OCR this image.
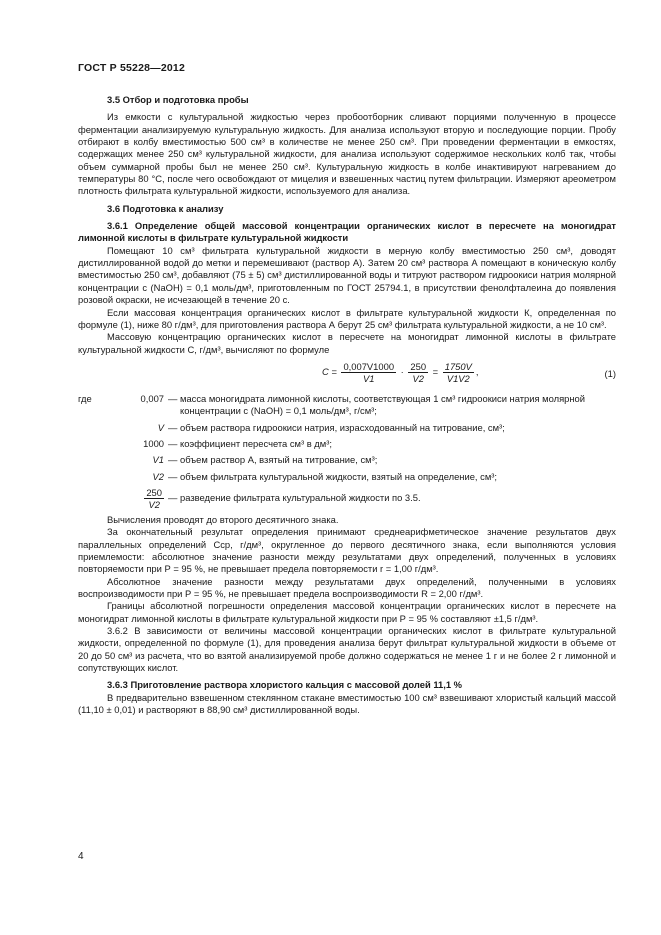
ГОСТ Р 55228—2012
3.5 Отбор и подготовка пробы

Из емкости с культуральной жидкостью через пробоотборник сливают порциями полученную в процессе ферментации анализируемую культуральную жидкость. Для анализа используют вторую и последующие порции. Пробу отбирают в колбу вместимостью 500 см³ в количестве не менее 250 см³. При проведении ферментации в емкостях, содержащих менее 250 см³ культуральной жидкости, для анализа используют содержимое нескольких колб так, чтобы объем суммарной пробы был не менее 250 см³. Культуральную жидкость в колбе инактивируют нагреванием до температуры 80 °С, после чего освобождают от мицелия и взвешенных частиц путем фильтрации. Измеряют ареометром плотность фильтрата культуральной жидкости, используемого для анализа.

3.6 Подготовка к анализу

3.6.1 Определение общей массовой концентрации органических кислот в пересчете на моногидрат лимонной кислоты в фильтрате культуральной жидкости

Помещают 10 см³ фильтрата культуральной жидкости в мерную колбу вместимостью 250 см³, доводят дистиллированной водой до метки и перемешивают (раствор А). Затем 20 см³ раствора А помещают в коническую колбу вместимостью 250 см³, добавляют (75 ± 5) см³ дистиллированной воды и титруют раствором гидроокиси натрия молярной концентрации с (NaOH) = 0,1 моль/дм³, приготовленным по ГОСТ 25794.1, в присутствии фенолфталеина до появления розовой окраски, не исчезающей в течение 20 с.

Если массовая концентрация органических кислот в фильтрате культуральной жидкости К, определенная по формуле (1), ниже 80 г/дм³, для приготовления раствора А берут 25 см³ фильтрата культуральной жидкости, а не 10 см³.

Массовую концентрацию органических кислот в пересчете на моногидрат лимонной кислоты в фильтрате культуральной жидкости С, г/дм³, вычисляют по формуле

$C = \frac{0,007V1000}{V1} \cdot \frac{250}{V2} = \frac{1750V}{V1V2}$ ,	(1)
где	0,007 — масса моногидрата лимонной кислоты, соответствующая 1 см³ гидроокиси натрия молярной концентрации с (NaOH) = 0,1 моль/дм³, г/см³;
V — объем раствора гидроокиси натрия, израсходованный на титрование, см³;
1000 — коэффициент пересчета см³ в дм³;
V1 — объем раствор А, взятый на титрование, см³;
V2 — объем фильтрата культуральной жидкости, взятый на определение, см³;
$\frac{250}{V2}$ — разведение фильтрата культуральной жидкости по 3.5.

Вычисления проводят до второго десятичного знака.

За окончательный результат определения принимают среднеарифметическое значение результатов двух параллельных определений Сср, г/дм³, округленное до первого десятичного знака, если выполняются условия приемлемости: абсолютное значение разности между результатами двух определений, полученных в условиях повторяемости при Р = 95 %, не превышает предела повторяемости r = 1,00 г/дм³.

Абсолютное значение разности между результатами двух определений, полученными в условиях воспроизводимости при Р = 95 %, не превышает предела воспроизводимости R = 2,00 г/дм³.

Границы абсолютной погрешности определения массовой концентрации органических кислот в пересчете на моногидрат лимонной кислоты в фильтрате культуральной жидкости при Р = 95 % составляют ±1,5 г/дм³.

3.6.2 В зависимости от величины массовой концентрации органических кислот в фильтрате культуральной жидкости, определенной по формуле (1), для проведения анализа берут фильтрат культуральной жидкости в объеме от 20 до 50 см³ из расчета, что во взятой анализируемой пробе должно содержаться не менее 1 г и не более 2 г лимонной и сопутствующих кислот.

3.6.3 Приготовление раствора хлористого кальция с массовой долей 11,1 %

В предварительно взвешенном стеклянном стакане вместимостью 100 см³ взвешивают хлористый кальций массой (11,10 ± 0,01) и растворяют в 88,90 см³ дистиллированной воды.

4
